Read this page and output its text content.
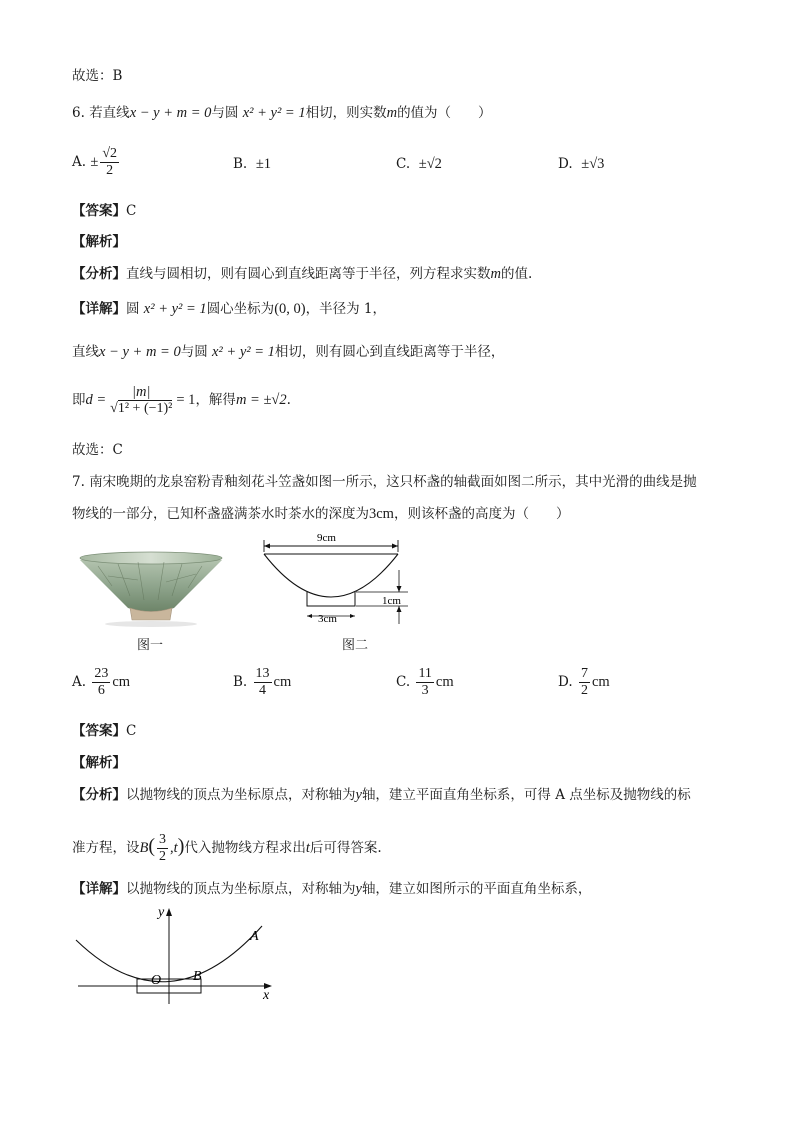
故选：B
6. 若直线x − y + m = 0与圆 x² + y² = 1相切，则实数m的值为（　　）
A. ± $\frac{√2}{2}$	B. ±1	C. ±√2	D. ±√3
【答案】C
【解析】
【分析】直线与圆相切，则有圆心到直线距离等于半径，列方程求实数m的值.
【详解】圆 x² + y² = 1圆心坐标为(0, 0)，半径为 1，
直线x − y + m = 0与圆 x² + y² = 1相切，则有圆心到直线距离等于半径，
即$d = \frac{|m|}{\text{√1² + (−1)²}} = 1$，解得m = ±√2.
故选：C
7. 南宋晚期的龙泉窑粉青釉刻花斗笠盏如图一所示，这只杯盏的轴截面如图二所示，其中光滑的曲线是抛
物线的一部分，已知杯盏盛满茶水时茶水的深度为3cm，则该杯盏的高度为（　　）
图一
9cm
3cm
1cm
图二
A. $\frac{23}{6}$ cm	B. $\frac{13}{4}$ cm	C. $\frac{11}{3}$ cm	D. $\frac{7}{2}$ cm
【答案】C
【解析】
【分析】以抛物线的顶点为坐标原点，对称轴为y轴，建立平面直角坐标系，可得 A 点坐标及抛物线的标
准方程，设$B( \frac{3}{2} ,t)$代入抛物线方程求出t后可得答案.
【详解】以抛物线的顶点为坐标原点，对称轴为y轴，建立如图所示的平面直角坐标系，
x
y
O B
A
